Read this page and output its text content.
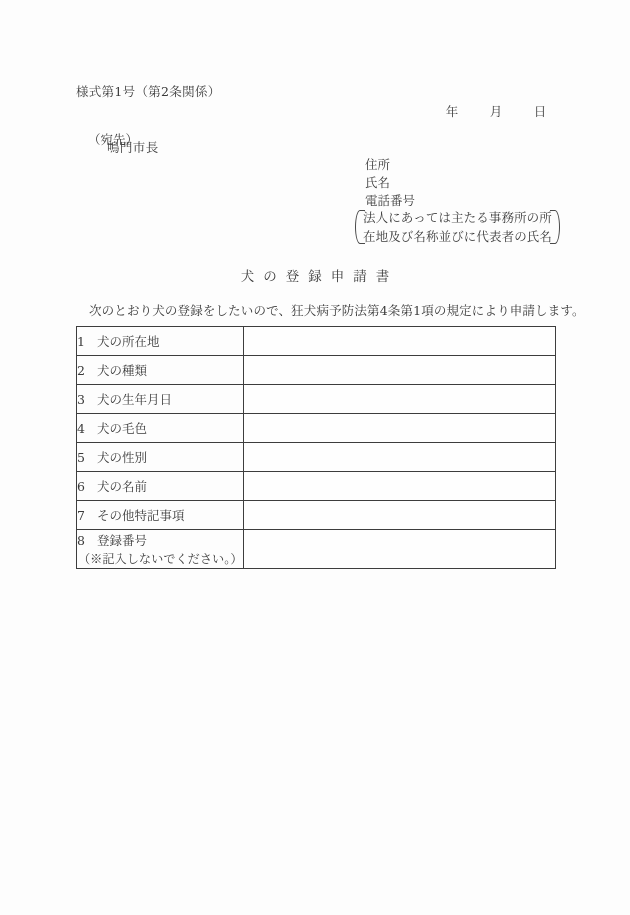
様式第1号（第2条関係）
年	月	日
（宛先）
鳴門市長
住所
氏名
電話番号
法人にあっては主たる事務所の所
在地及び名称並びに代表者の氏名
犬の登録申請書
次のとおり犬の登録をしたいので、狂犬病予防法第4条第1項の規定により申請します。
1 犬の所在地	

2 犬の種類	

3 犬の生年月日	

4 犬の毛色	

5 犬の性別	

6 犬の名前	

7 その他特記事項	

8 登録番号
（※記入しないでください。）	
